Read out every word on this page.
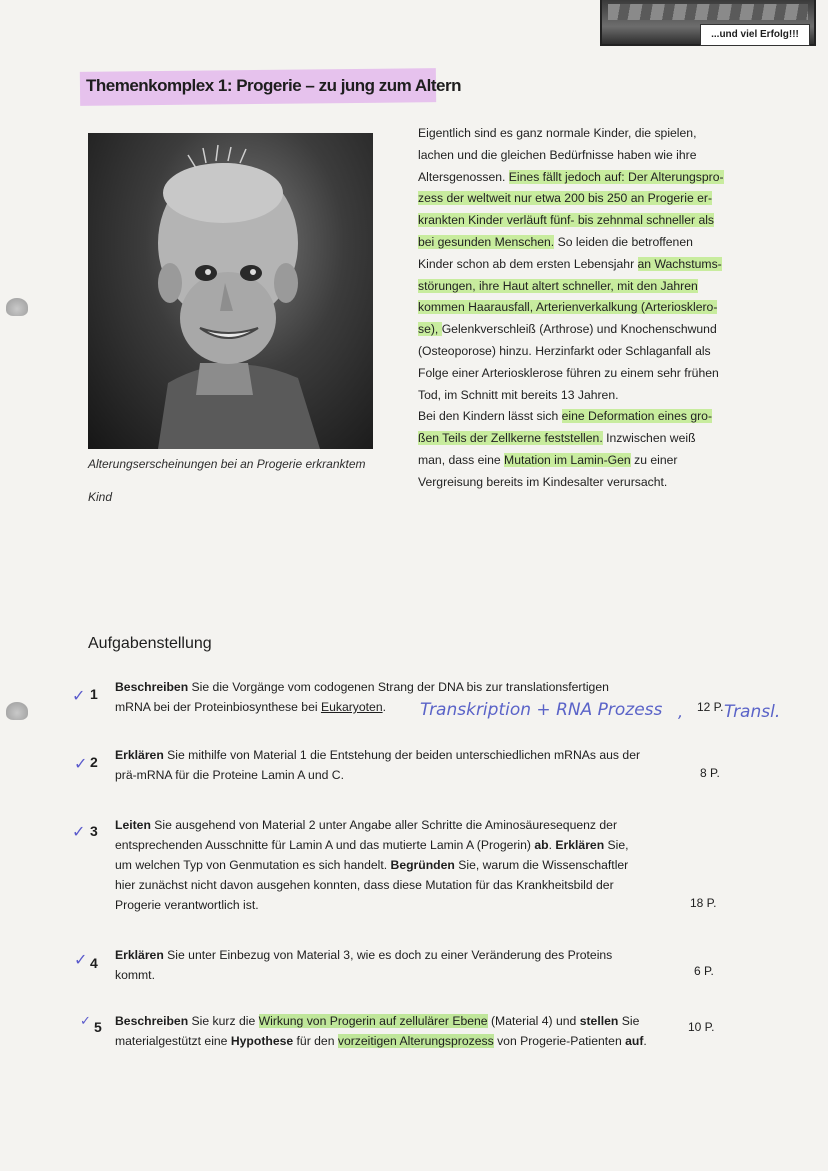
...und viel Erfolg!!!
Themenkomplex 1: Progerie – zu jung zum Altern
Alterungserscheinungen bei an Progerie erkranktem
Kind
Eigentlich sind es ganz normale Kinder, die spielen,
lachen und die gleichen Bedürfnisse haben wie ihre
Altersgenossen. Eines fällt jedoch auf: Der Alterungspro-
zess der weltweit nur etwa 200 bis 250 an Progerie er-
krankten Kinder verläuft fünf- bis zehnmal schneller als
bei gesunden Menschen. So leiden die betroffenen
Kinder schon ab dem ersten Lebensjahr an Wachstums-
störungen, ihre Haut altert schneller, mit den Jahren
kommen Haarausfall, Arterienverkalkung (Arteriosklero-
se), Gelenkverschleiß (Arthrose) und Knochenschwund
(Osteoporose) hinzu. Herzinfarkt oder Schlaganfall als
Folge einer Arteriosklerose führen zu einem sehr frühen
Tod, im Schnitt mit bereits 13 Jahren.
Bei den Kindern lässt sich eine Deformation eines gro-
ßen Teils der Zellkerne feststellen. Inzwischen weiß
man, dass eine Mutation im Lamin-Gen zu einer
Vergreisung bereits im Kindesalter verursacht.
Aufgabenstellung
✓ 1 Beschreiben Sie die Vorgänge vom codogenen Strang der DNA bis zur translationsfertigen
mRNA bei der Proteinbiosynthese bei Eukaryoten.	Transkription + RNA Prozess , 12 P. Transl.
✓ 2 Erklären Sie mithilfe von Material 1 die Entstehung der beiden unterschiedlichen mRNAs aus der
prä-mRNA für die Proteine Lamin A und C.	8 P.
✓ 3 Leiten Sie ausgehend von Material 2 unter Angabe aller Schritte die Aminosäuresequenz der
entsprechenden Ausschnitte für Lamin A und das mutierte Lamin A (Progerin) ab. Erklären Sie,
um welchen Typ von Genmutation es sich handelt. Begründen Sie, warum die Wissenschaftler
hier zunächst nicht davon ausgehen konnten, dass diese Mutation für das Krankheitsbild der
Progerie verantwortlich ist.	18 P.
✓ 4 Erklären Sie unter Einbezug von Material 3, wie es doch zu einer Veränderung des Proteins
kommt.	6 P.
✓ 5 Beschreiben Sie kurz die Wirkung von Progerin auf zellulärer Ebene (Material 4) und stellen Sie
materialgestützt eine Hypothese für den vorzeitigen Alterungsprozess von Progerie-Patienten auf.
10 P.
